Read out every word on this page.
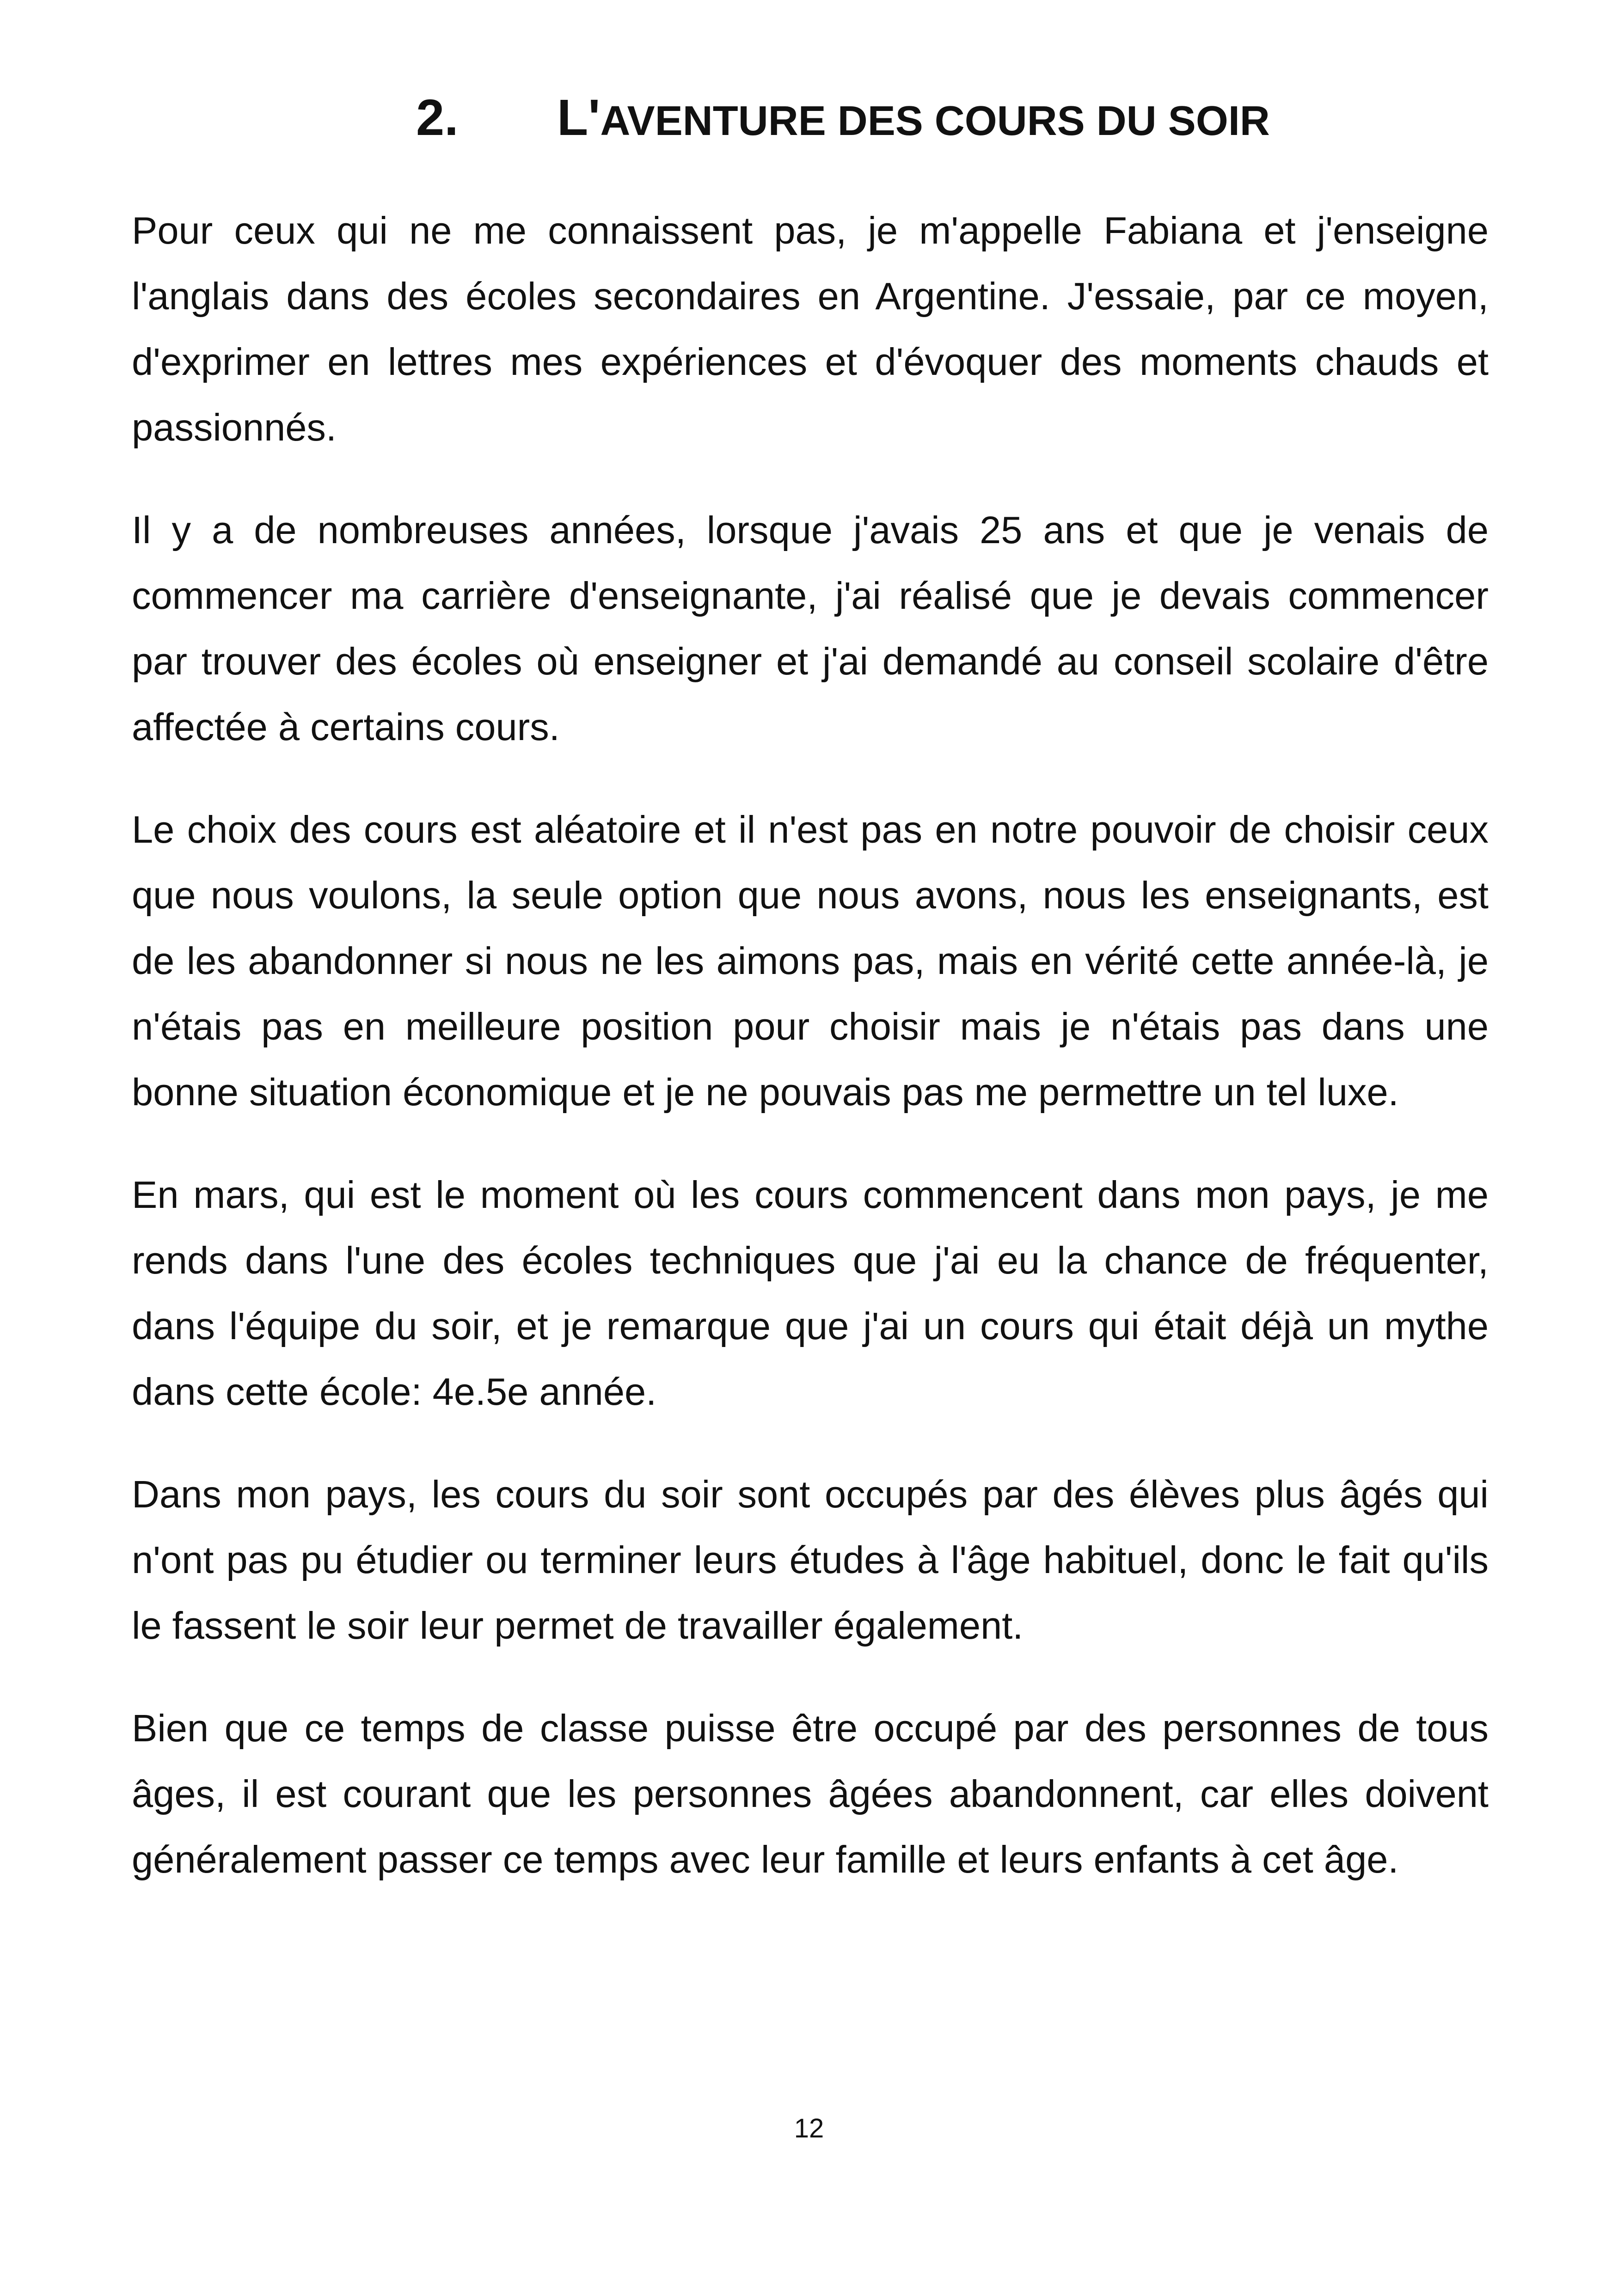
2. L'AVENTURE DES COURS DU SOIR

Pour ceux qui ne me connaissent pas, je m'appelle Fabiana et j'enseigne l'anglais dans des écoles secondaires en Argentine. J'essaie, par ce moyen, d'exprimer en lettres mes expériences et d'évoquer des moments chauds et passionnés.

Il y a de nombreuses années, lorsque j'avais 25 ans et que je venais de commencer ma carrière d'enseignante, j'ai réalisé que je devais commencer par trouver des écoles où enseigner et j'ai demandé au conseil scolaire d'être affectée à certains cours.

Le choix des cours est aléatoire et il n'est pas en notre pouvoir de choisir ceux que nous voulons, la seule option que nous avons, nous les enseignants, est de les abandonner si nous ne les aimons pas, mais en vérité cette année-là, je n'étais pas en meilleure position pour choisir mais je n'étais pas dans une bonne situation économique et je ne pouvais pas me permettre un tel luxe.

En mars, qui est le moment où les cours commencent dans mon pays, je me rends dans l'une des écoles techniques que j'ai eu la chance de fréquenter, dans l'équipe du soir, et je remarque que j'ai un cours qui était déjà un mythe dans cette école: 4e.5e année.

Dans mon pays, les cours du soir sont occupés par des élèves plus âgés qui n'ont pas pu étudier ou terminer leurs études à l'âge habituel, donc le fait qu'ils le fassent le soir leur permet de travailler également.

Bien que ce temps de classe puisse être occupé par des personnes de tous âges, il est courant que les personnes âgées abandonnent, car elles doivent généralement passer ce temps avec leur famille et leurs enfants à cet âge.

12
